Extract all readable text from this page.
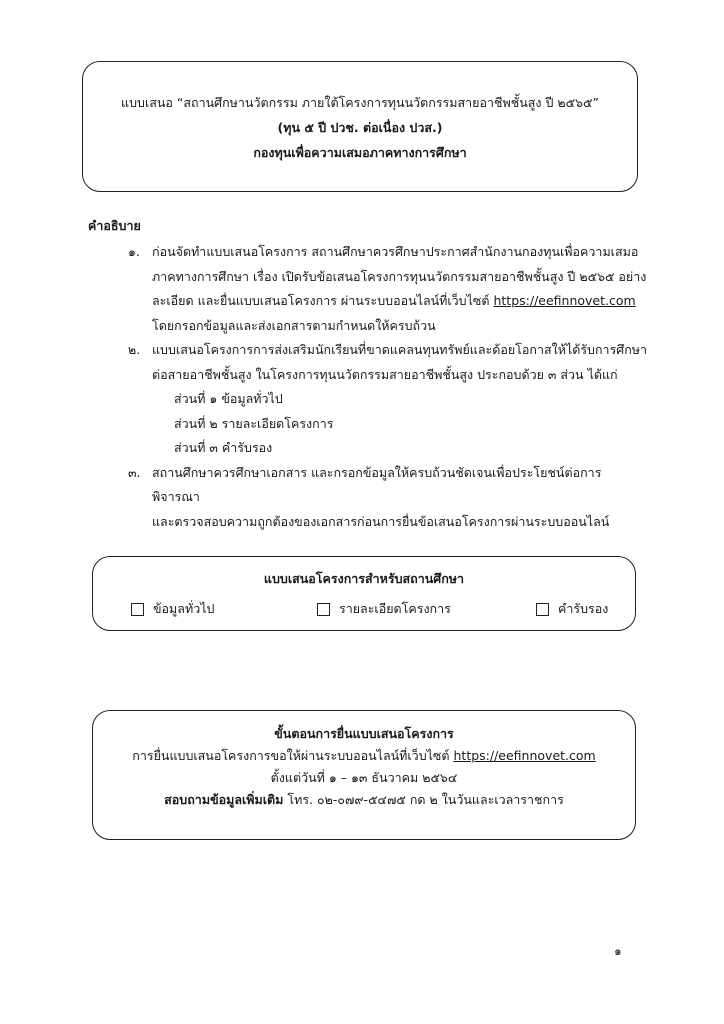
แบบเสนอ “สถานศึกษานวัตกรรม ภายใต้โครงการทุนนวัตกรรมสายอาชีพชั้นสูง ปี ๒๕๖๕”
(ทุน ๕ ปี ปวช. ต่อเนื่อง ปวส.)
กองทุนเพื่อความเสมอภาคทางการศึกษา
คำอธิบาย
๑. ก่อนจัดทำแบบเสนอโครงการ สถานศึกษาควรศึกษาประกาศสำนักงานกองทุนเพื่อความเสมอ
ภาคทางการศึกษา เรื่อง เปิดรับข้อเสนอโครงการทุนนวัตกรรมสายอาชีพชั้นสูง ปี ๒๕๖๕ อย่าง
ละเอียด และยื่นแบบเสนอโครงการ ผ่านระบบออนไลน์ที่เว็บไซต์ https://eefinnovet.com
โดยกรอกข้อมูลและส่งเอกสารตามกำหนดให้ครบถ้วน
๒. แบบเสนอโครงการการส่งเสริมนักเรียนที่ขาดแคลนทุนทรัพย์และด้อยโอกาสให้ได้รับการศึกษา
ต่อสายอาชีพชั้นสูง ในโครงการทุนนวัตกรรมสายอาชีพชั้นสูง ประกอบด้วย ๓ ส่วน ได้แก่
ส่วนที่ ๑ ข้อมูลทั่วไป
ส่วนที่ ๒ รายละเอียดโครงการ
ส่วนที่ ๓ คำรับรอง
๓. สถานศึกษาควรศึกษาเอกสาร และกรอกข้อมูลให้ครบถ้วนชัดเจนเพื่อประโยชน์ต่อการพิจารณา
และตรวจสอบความถูกต้องของเอกสารก่อนการยื่นข้อเสนอโครงการผ่านระบบออนไลน์
แบบเสนอโครงการสำหรับสถานศึกษา
ข้อมูลทั่วไป	รายละเอียดโครงการ	คำรับรอง
ขั้นตอนการยื่นแบบเสนอโครงการ
การยื่นแบบเสนอโครงการขอให้ผ่านระบบออนไลน์ที่เว็บไซต์ https://eefinnovet.com
ตั้งแต่วันที่ ๑ – ๑๓ ธันวาคม ๒๕๖๔
สอบถามข้อมูลเพิ่มเติม โทร. ๐๒-๐๗๙-๕๔๗๕ กด ๒ ในวันและเวลาราชการ
๑
